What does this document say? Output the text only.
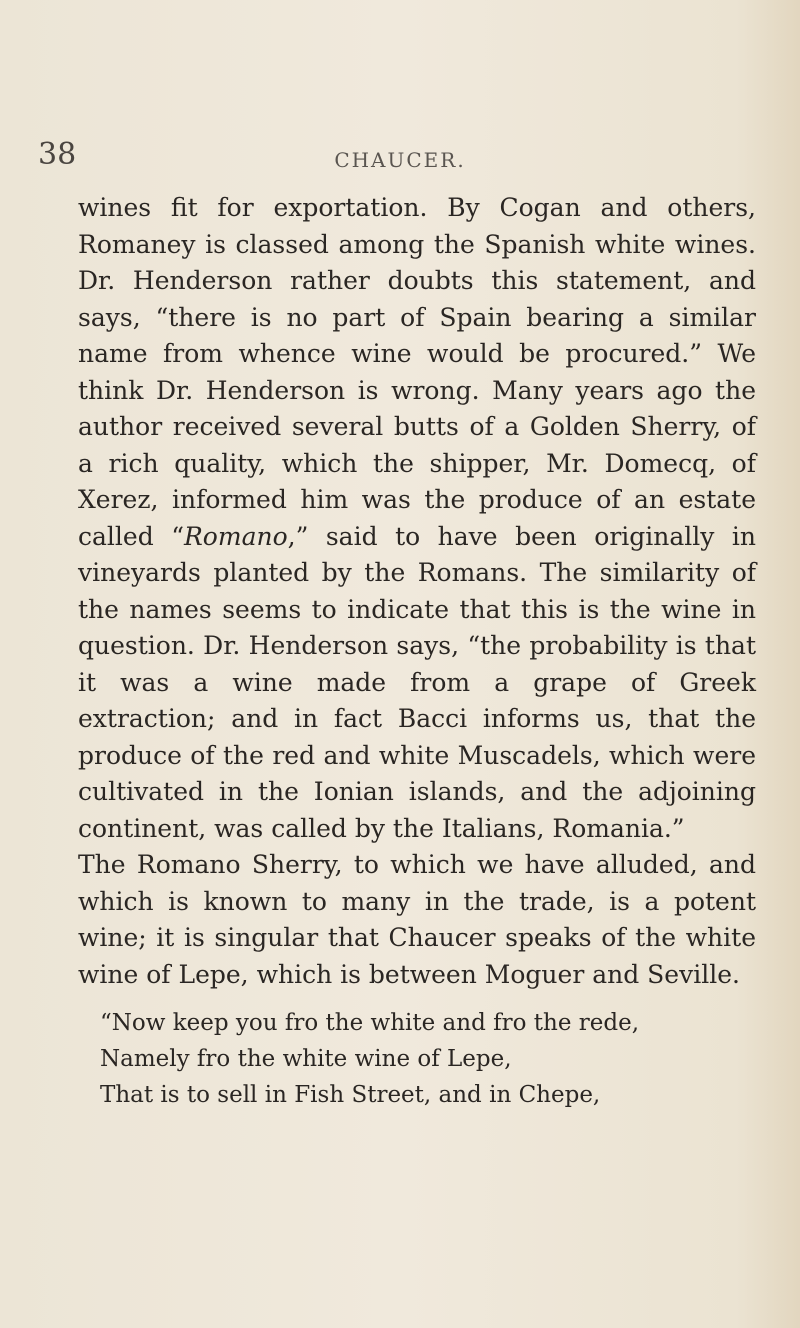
38	CHAUCER.

wines fit for exportation. By Cogan and others, Romaney is classed among the Spanish white wines. Dr. Henderson rather doubts this statement, and says, “there is no part of Spain bearing a similar name from whence wine would be procured.” We think Dr. Henderson is wrong. Many years ago the author received several butts of a Golden Sherry, of a rich quality, which the shipper, Mr. Domecq, of Xerez, informed him was the produce of an estate called “Romano,” said to have been originally in vineyards planted by the Romans. The similarity of the names seems to indicate that this is the wine in question. Dr. Henderson says, “the probability is that it was a wine made from a grape of Greek extraction; and in fact Bacci informs us, that the produce of the red and white Muscadels, which were cultivated in the Ionian islands, and the adjoining continent, was called by the Italians, Romania.”

The Romano Sherry, to which we have alluded, and which is known to many in the trade, is a potent wine; it is singular that Chaucer speaks of the white wine of Lepe, which is between Moguer and Seville.

“Now keep you fro the white and fro the rede,
Namely fro the white wine of Lepe,
That is to sell in Fish Street, and in Chepe,
